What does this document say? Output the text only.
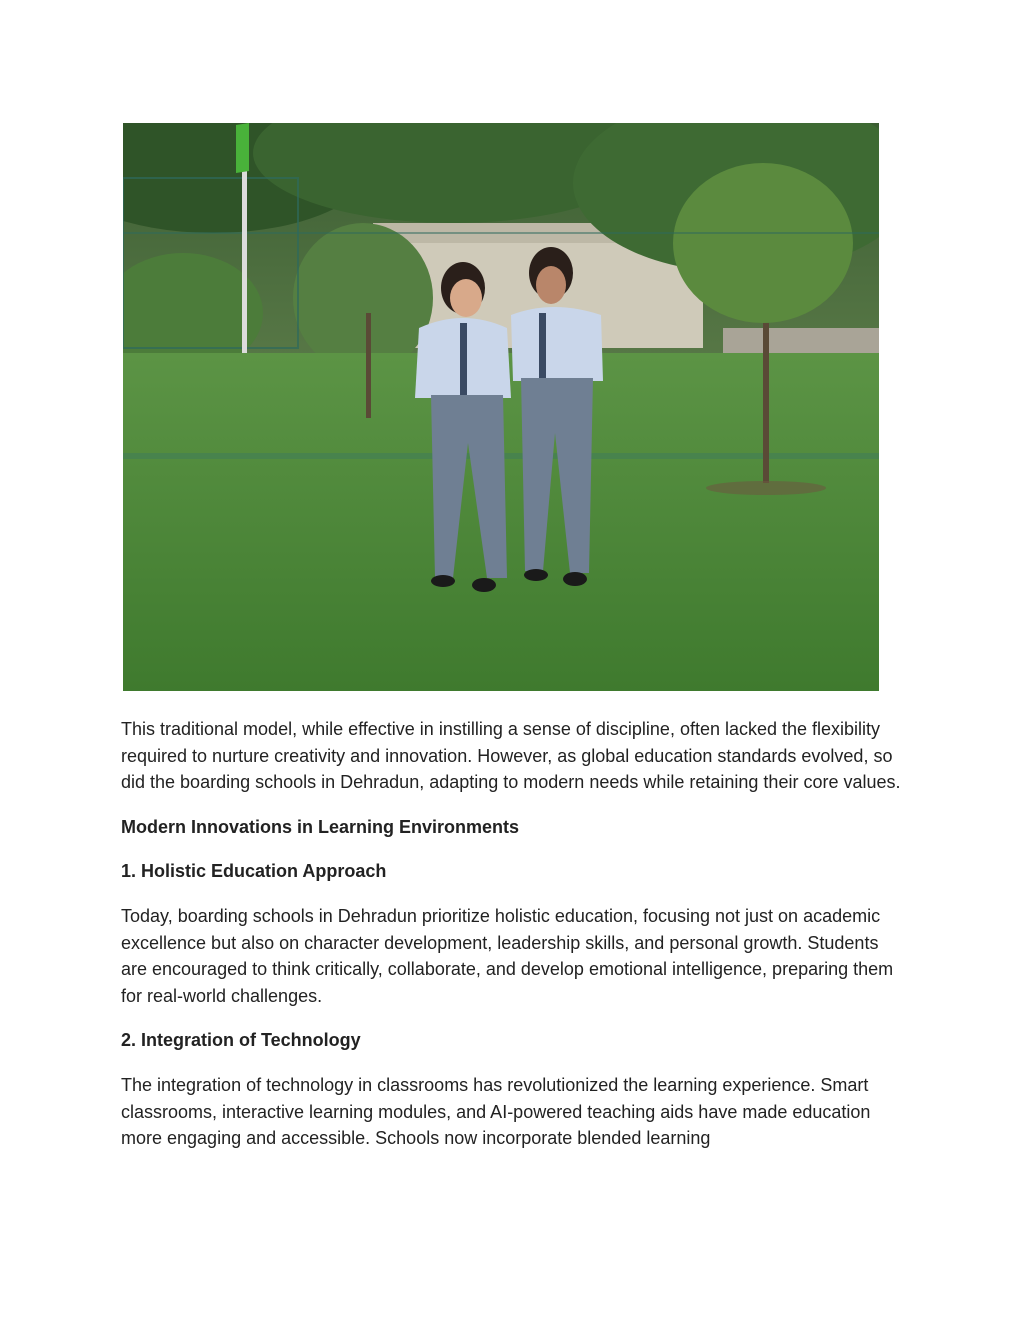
This traditional model, while effective in instilling a sense of discipline, often lacked the flexibility required to nurture creativity and innovation. However, as global education standards evolved, so did the boarding schools in Dehradun, adapting to modern needs while retaining their core values.

Modern Innovations in Learning Environments

1. Holistic Education Approach

Today, boarding schools in Dehradun prioritize holistic education, focusing not just on academic excellence but also on character development, leadership skills, and personal growth. Students are encouraged to think critically, collaborate, and develop emotional intelligence, preparing them for real-world challenges.

2. Integration of Technology

The integration of technology in classrooms has revolutionized the learning experience. Smart classrooms, interactive learning modules, and AI-powered teaching aids have made education more engaging and accessible. Schools now incorporate blended learning
